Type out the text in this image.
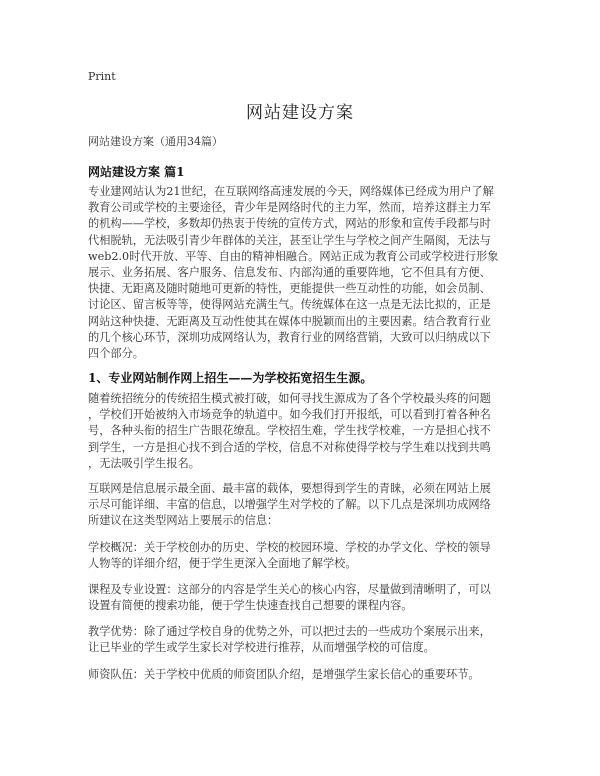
Print
网站建设方案
网站建设方案（通用34篇）
网站建设方案 篇1

专业建网站认为21世纪，在互联网络高速发展的今天，网络媒体已经成为用户了解

教育公司或学校的主要途径，青少年是网络时代的主力军，然而，培养这群主力军

的机构——学校，多数却仍热衷于传统的宣传方式，网站的形象和宣传手段都与时

代相脱轨，无法吸引青少年群体的关注，甚至让学生与学校之间产生隔阂，无法与

web2.0时代开放、平等、自由的精神相融合。网站正成为教育公司或学校进行形象

展示、业务拓展、客户服务、信息发布、内部沟通的重要阵地，它不但具有方便、

快捷、无距离及随时随地可更新的特性，更能提供一些互动性的功能，如会员制、

讨论区、留言板等等，使得网站充满生气。传统媒体在这一点是无法比拟的，正是

网站这种快捷、无距离及互动性使其在媒体中脱颖而出的主要因素。结合教育行业

的几个核心环节，深圳功成网络认为，教育行业的网络营销，大致可以归纳成以下

四个部分。

1、专业网站制作网上招生——为学校拓宽招生生源。

随着统招统分的传统招生模式被打破，如何寻找生源成为了各个学校最头疼的问题

，学校们开始被纳入市场竞争的轨道中。如今我们打开报纸，可以看到打着各种名

号，各种头衔的招生广告眼花缭乱。学校招生难，学生找学校难，一方是担心找不

到学生，一方是担心找不到合适的学校，信息不对称使得学校与学生难以找到共鸣

，无法吸引学生报名。

互联网是信息展示最全面、最丰富的载体，要想得到学生的青睐，必须在网站上展

示尽可能详细、丰富的信息，以增强学生对学校的了解。以下几点是深圳功成网络

所建议在这类型网站上要展示的信息：

学校概况：关于学校创办的历史、学校的校园环境、学校的办学文化、学校的领导

人物等的详细介绍，便于学生更深入全面地了解学校。

课程及专业设置：这部分的内容是学生关心的核心内容，尽量做到清晰明了，可以

设置有简便的搜索功能，便于学生快速查找自己想要的课程内容。

教学优势：除了通过学校自身的优势之外，可以把过去的一些成功个案展示出来，

让已毕业的学生或学生家长对学校进行推荐，从而增强学校的可信度。

师资队伍：关于学校中优质的师资团队介绍，是增强学生家长信心的重要环节。
